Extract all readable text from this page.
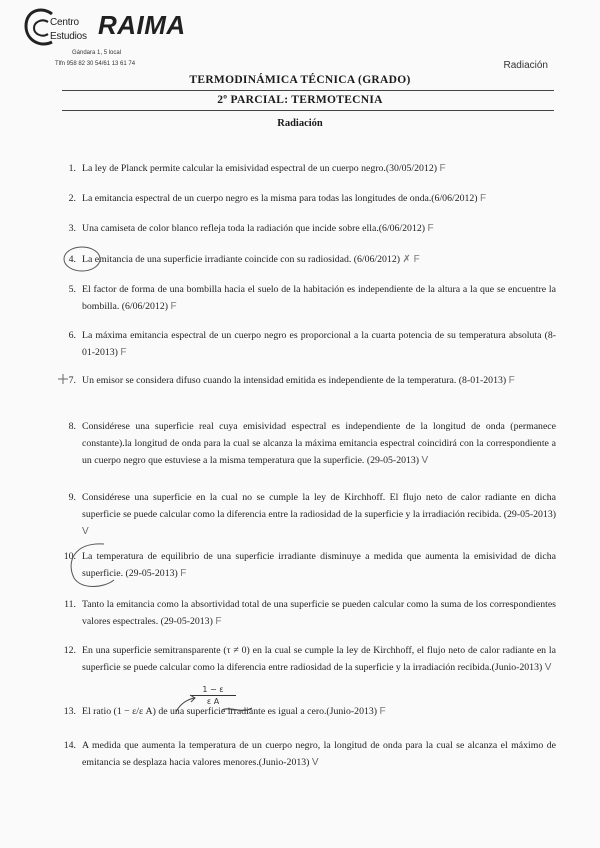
Centro
Estudios RAIMA
Gándara 1, 5 local
Tlfn 958 82 30 54/61 13 61 74	Radiación
TERMODINÁMICA TÉCNICA (GRADO)
2º PARCIAL: TERMOTECNIA
Radiación
1. La ley de Planck permite calcular la emisividad espectral de un cuerpo negro.(30/05/2012) F
2. La emitancia espectral de un cuerpo negro es la misma para todas las longitudes de onda.(6/06/2012) F
3. Una camiseta de color blanco refleja toda la radiación que incide sobre ella.(6/06/2012) F
4. La emitancia de una superficie irradiante coincide con su radiosidad. (6/06/2012) ✗ F
5. El factor de forma de una bombilla hacia el suelo de la habitación es independiente de la altura a la que se encuentre la bombilla. (6/06/2012) F
6. La máxima emitancia espectral de un cuerpo negro es proporcional a la cuarta potencia de su temperatura absoluta (8-01-2013) F
7. Un emisor se considera difuso cuando la intensidad emitida es independiente de la temperatura. (8-01-2013) F
8. Considérese una superficie real cuya emisividad espectral es independiente de la longitud de onda (permanece constante).la longitud de onda para la cual se alcanza la máxima emitancia espectral coincidirá con la correspondiente a un cuerpo negro que estuviese a la misma temperatura que la superficie. (29-05-2013) V
9. Considérese una superficie en la cual no se cumple la ley de Kirchhoff. El flujo neto de calor radiante en dicha superficie se puede calcular como la diferencia entre la radiosidad de la superficie y la irradiación recibida. (29-05-2013) V
10. La temperatura de equilibrio de una superficie irradiante disminuye a medida que aumenta la emisividad de dicha superficie. (29-05-2013) F
11. Tanto la emitancia como la absortividad total de una superficie se pueden calcular como la suma de los correspondientes valores espectrales. (29-05-2013) F
12. En una superficie semitransparente (τ ≠ 0) en la cual se cumple la ley de Kirchhoff, el flujo neto de calor radiante en la superficie se puede calcular como la diferencia entre radiosidad de la superficie y la irradiación recibida.(Junio-2013) V
13. El ratio (1 − ε/ε A) de una superficie irradiante es igual a cero.(Junio-2013) F
14. A medida que aumenta la temperatura de un cuerpo negro, la longitud de onda para la cual se alcanza el máximo de emitancia se desplaza hacia valores menores.(Junio-2013) V
$\frac{1 - \varepsilon}{\text{ε A}}$
